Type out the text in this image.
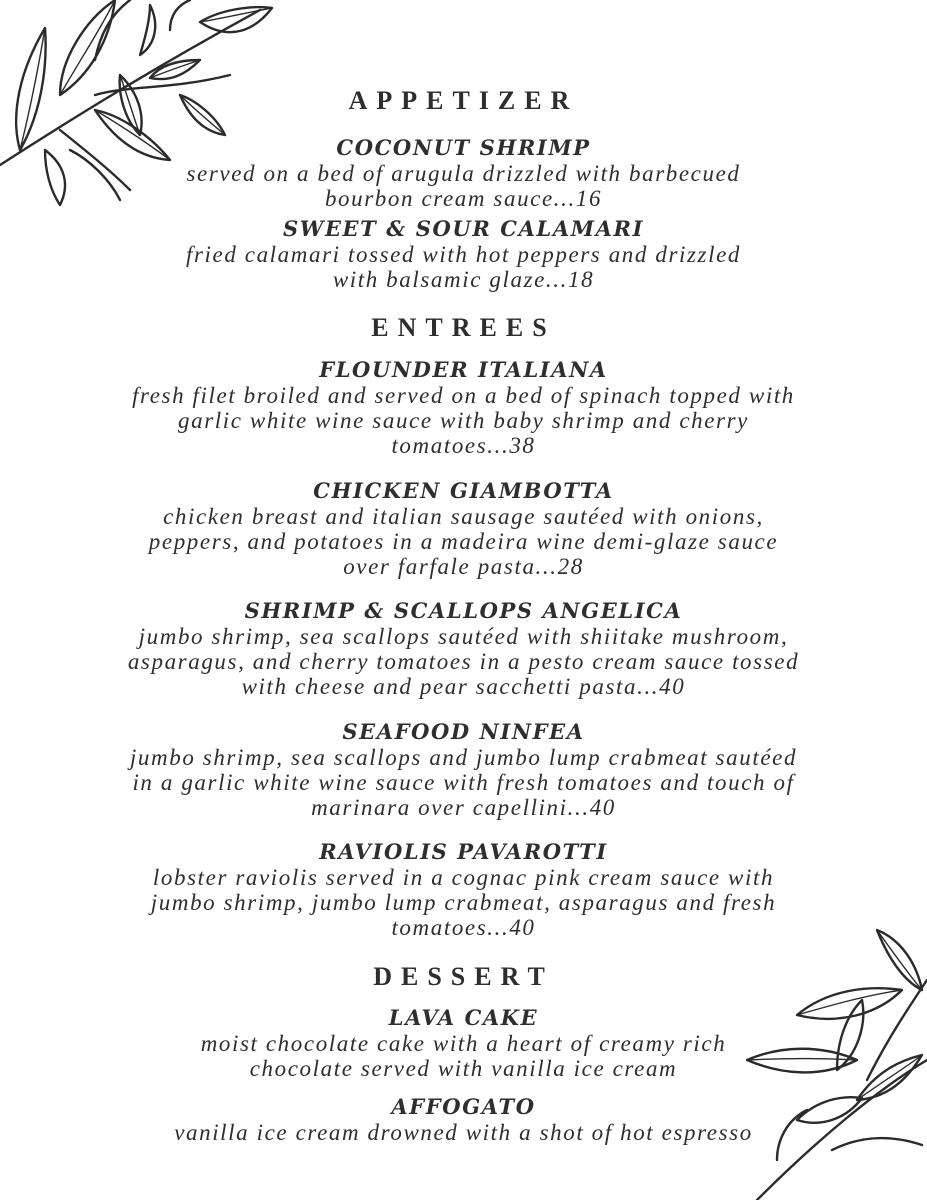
APPETIZER
COCONUT SHRIMP

served on a bed of arugula drizzled with barbecued

bourbon cream sauce...16

SWEET & SOUR CALAMARI

fried calamari tossed with hot peppers and drizzled

with balsamic glaze...18

ENTREES
FLOUNDER ITALIANA

fresh filet broiled and served on a bed of spinach topped with

garlic white wine sauce with baby shrimp and cherry

tomatoes...38

CHICKEN GIAMBOTTA

chicken breast and italian sausage sautéed with onions,

peppers, and potatoes in a madeira wine demi-glaze sauce

over farfale pasta...28

SHRIMP & SCALLOPS ANGELICA

jumbo shrimp, sea scallops sautéed with shiitake mushroom,

asparagus, and cherry tomatoes in a pesto cream sauce tossed

with cheese and pear sacchetti pasta...40

SEAFOOD NINFEA

jumbo shrimp, sea scallops and jumbo lump crabmeat sautéed

in a garlic white wine sauce with fresh tomatoes and touch of

marinara over capellini...40

RAVIOLIS PAVAROTTI

lobster raviolis served in a cognac pink cream sauce with

jumbo shrimp, jumbo lump crabmeat, asparagus and fresh

tomatoes...40

DESSERT
LAVA CAKE

moist chocolate cake with a heart of creamy rich

chocolate served with vanilla ice cream

AFFOGATO

vanilla ice cream drowned with a shot of hot espresso
